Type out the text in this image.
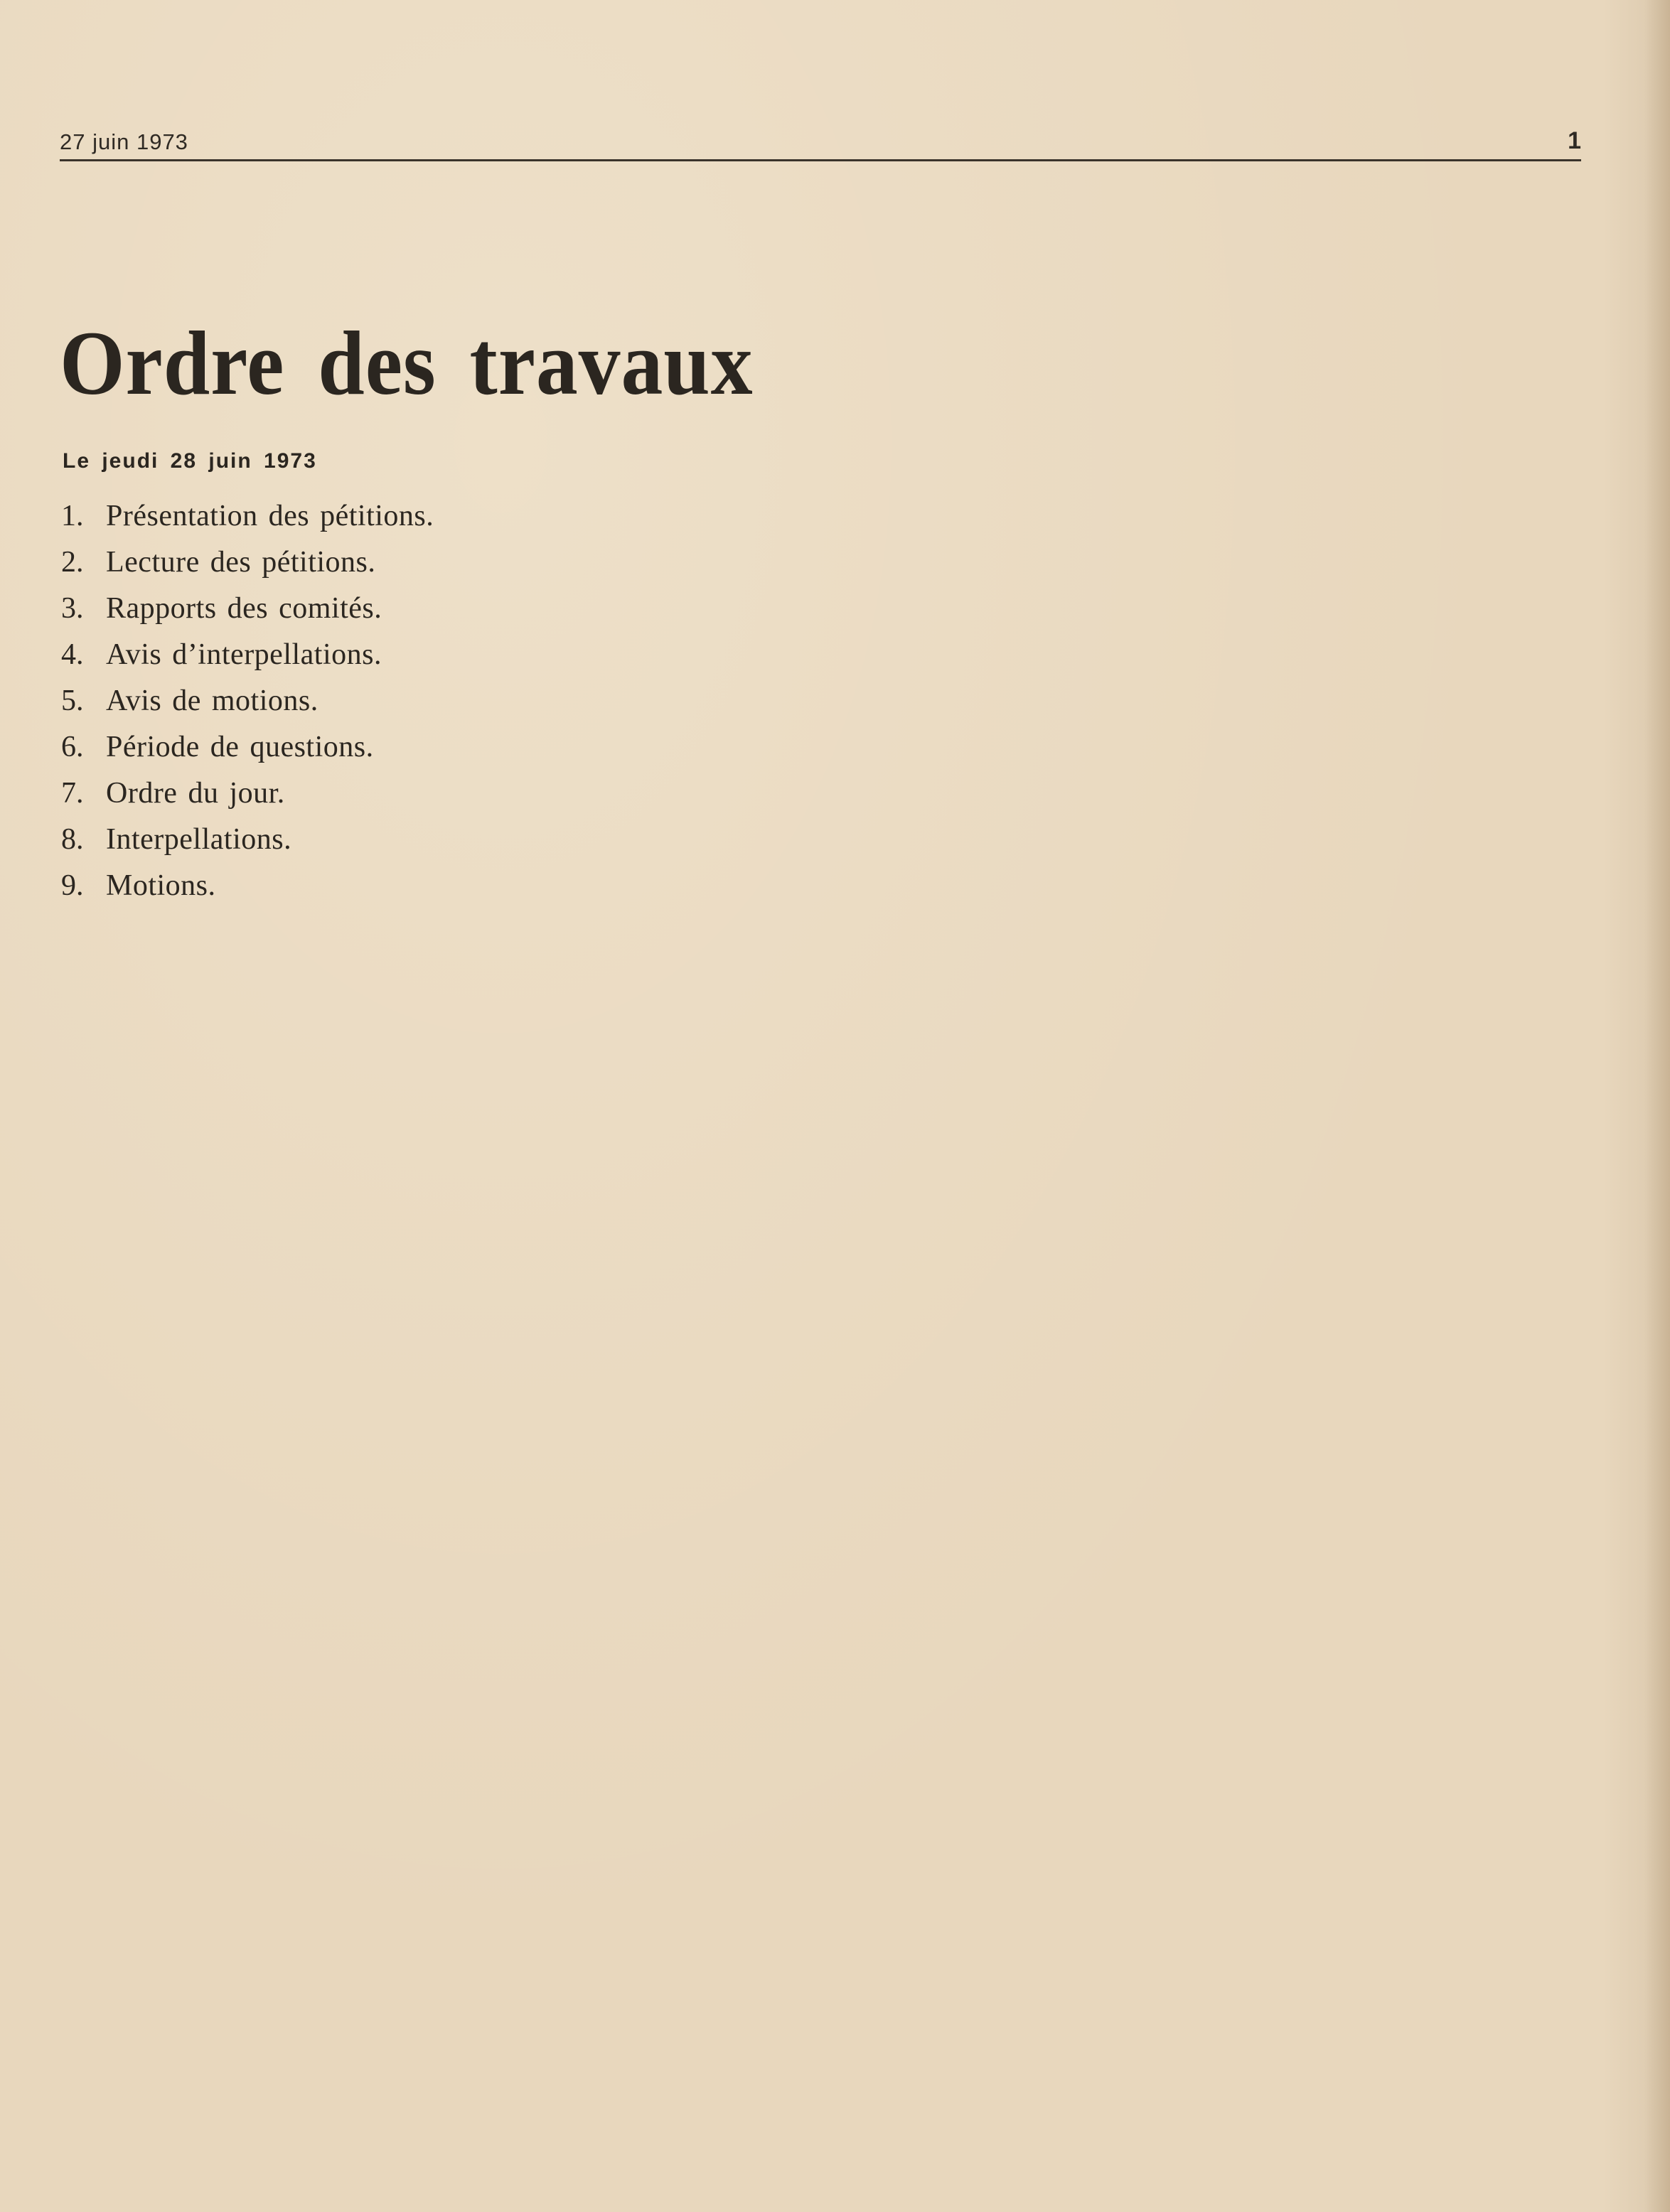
27 juin 1973	1
Ordre des travaux
Le jeudi 28 juin 1973
1. Présentation des pétitions.
2. Lecture des pétitions.
3. Rapports des comités.
4. Avis d’interpellations.
5. Avis de motions.
6. Période de questions.
7. Ordre du jour.
8. Interpellations.
9. Motions.
